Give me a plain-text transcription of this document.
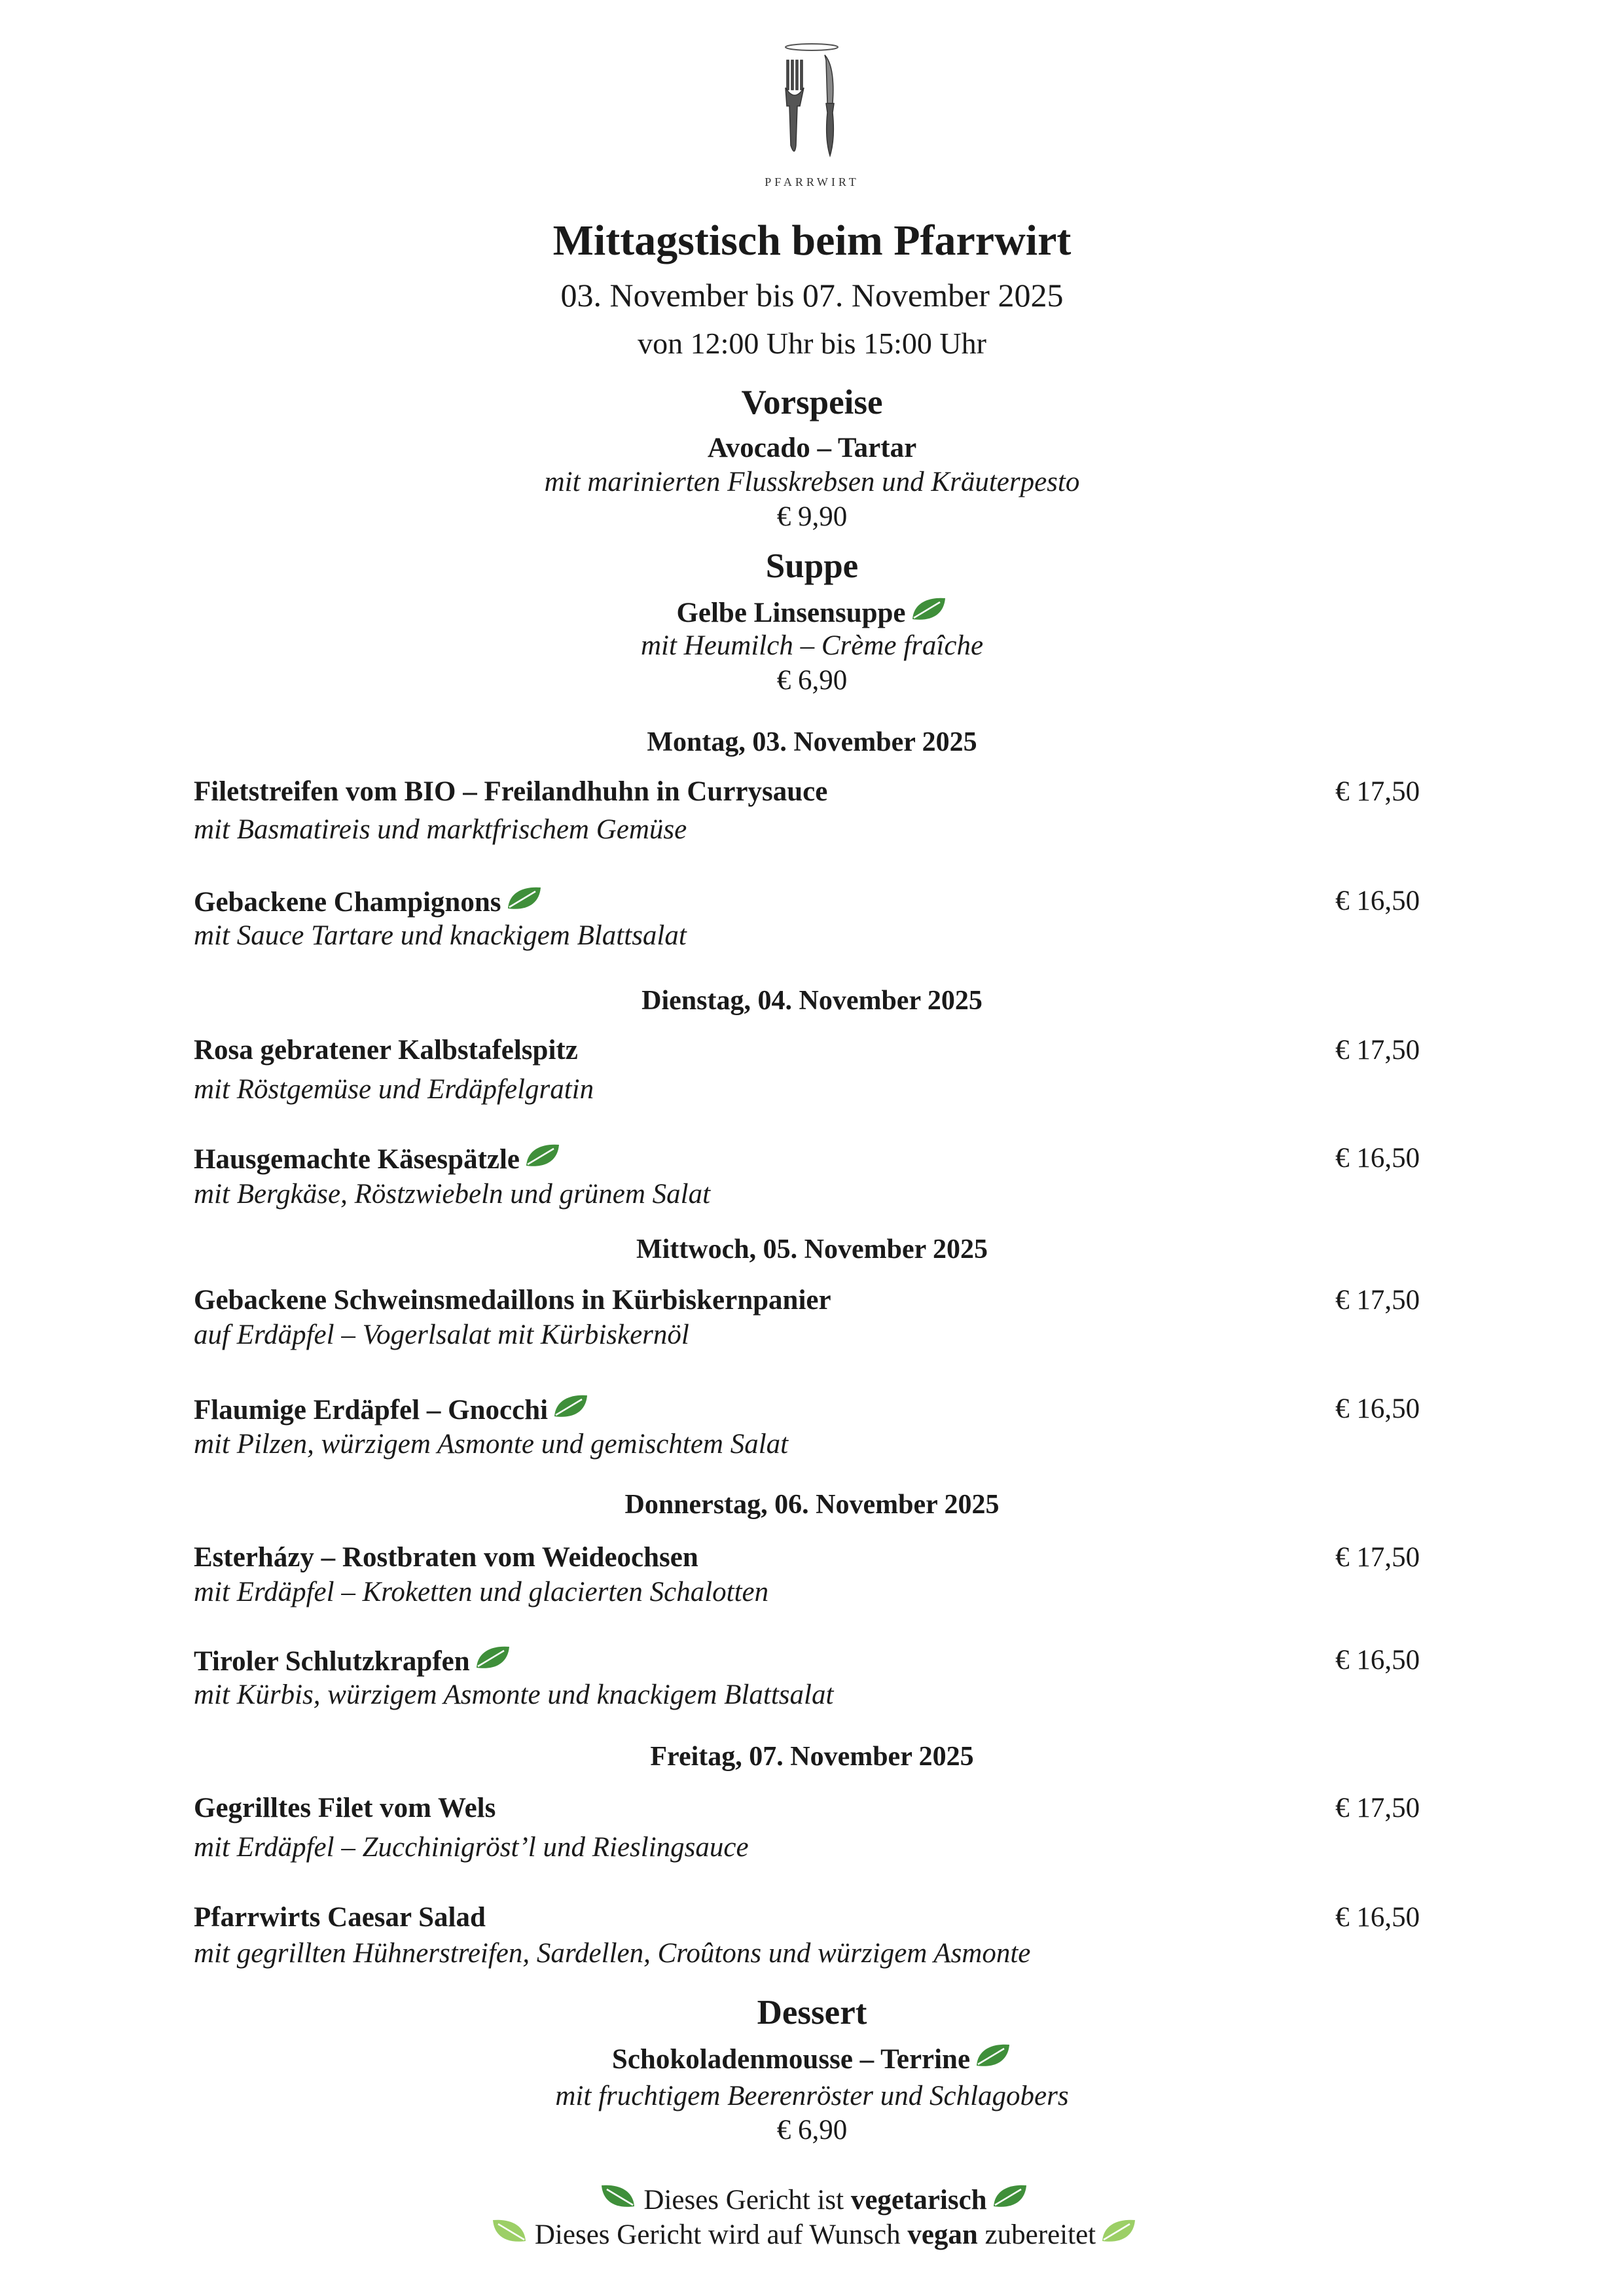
PFARRWIRT
Mittagstisch beim Pfarrwirt
03. November bis 07. November 2025
von 12:00 Uhr bis 15:00 Uhr
Vorspeise
Avocado – Tartar
mit marinierten Flusskrebsen und Kräuterpesto
€ 9,90
Suppe
Gelbe Linsensuppe
mit Heumilch – Crème fraîche
€ 6,90
Montag, 03. November 2025
Filetstreifen vom BIO – Freilandhuhn in Currysauce	€ 17,50
mit Basmatireis und marktfrischem Gemüse
Gebackene Champignons	€ 16,50
mit Sauce Tartare und knackigem Blattsalat
Dienstag, 04. November 2025
Rosa gebratener Kalbstafelspitz	€ 17,50
mit Röstgemüse und Erdäpfelgratin
Hausgemachte Käsespätzle	€ 16,50
mit Bergkäse, Röstzwiebeln und grünem Salat
Mittwoch, 05. November 2025
Gebackene Schweinsmedaillons in Kürbiskernpanier	€ 17,50
auf Erdäpfel – Vogerlsalat mit Kürbiskernöl
Flaumige Erdäpfel – Gnocchi	€ 16,50
mit Pilzen, würzigem Asmonte und gemischtem Salat
Donnerstag, 06. November 2025
Esterházy – Rostbraten vom Weideochsen	€ 17,50
mit Erdäpfel – Kroketten und glacierten Schalotten
Tiroler Schlutzkrapfen	€ 16,50
mit Kürbis, würzigem Asmonte und knackigem Blattsalat
Freitag, 07. November 2025
Gegrilltes Filet vom Wels	€ 17,50
mit Erdäpfel – Zucchinigröst’l und Rieslingsauce
Pfarrwirts Caesar Salad	€ 16,50
mit gegrillten Hühnerstreifen, Sardellen, Croûtons und würzigem Asmonte
Dessert
Schokoladenmousse – Terrine
mit fruchtigem Beerenröster und Schlagobers
€ 6,90
Dieses Gericht ist vegetarisch
Dieses Gericht wird auf Wunsch vegan zubereitet
